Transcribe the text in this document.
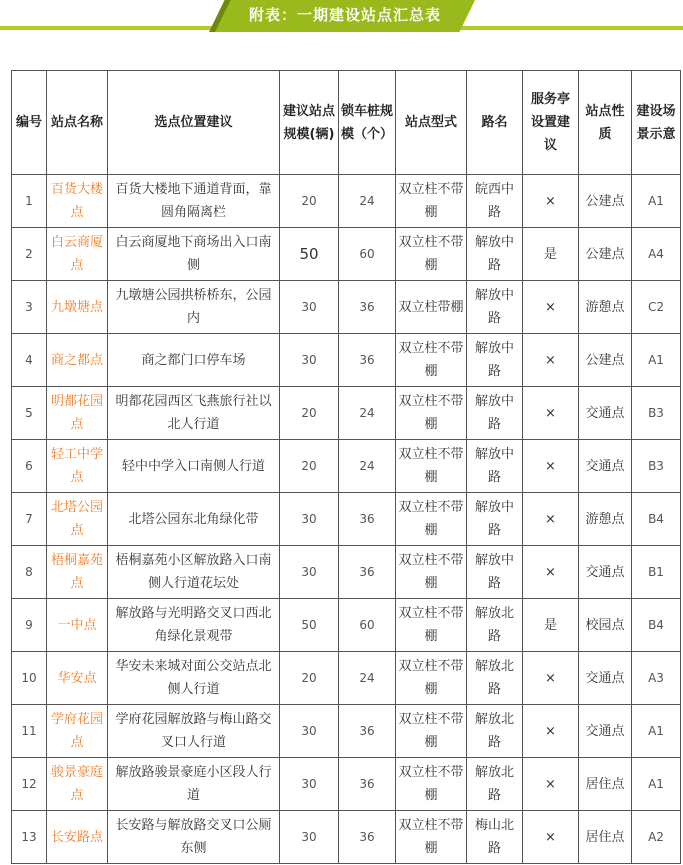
附表：一期建设站点汇总表
编号	站点名称	选点位置建议	建议站点规模(辆)	锁车桩规模（个）	站点型式	路名	服务亭设置建议	站点性质	建设场景示意
1	百货大楼点	百货大楼地下通道背面，靠圆角隔离栏	20	24	双立柱不带棚	皖西中路	×	公建点	A1
2	白云商厦点	白云商厦地下商场出入口南侧	50	60	双立柱不带棚	解放中路	是	公建点	A4
3	九墩塘点	九墩塘公园拱桥桥东，公园内	30	36	双立柱带棚	解放中路	×	游憩点	C2
4	商之都点	商之都门口停车场	30	36	双立柱不带棚	解放中路	×	公建点	A1
5	明都花园点	明都花园西区飞燕旅行社以北人行道	20	24	双立柱不带棚	解放中路	×	交通点	B3
6	轻工中学点	轻中中学入口南侧人行道	20	24	双立柱不带棚	解放中路	×	交通点	B3
7	北塔公园点	北塔公园东北角绿化带	30	36	双立柱不带棚	解放中路	×	游憩点	B4
8	梧桐嘉苑点	梧桐嘉苑小区解放路入口南侧人行道花坛处	30	36	双立柱不带棚	解放中路	×	交通点	B1
9	一中点	解放路与光明路交叉口西北角绿化景观带	50	60	双立柱不带棚	解放北路	是	校园点	B4
10	华安点	华安未来城对面公交站点北侧人行道	20	24	双立柱不带棚	解放北路	×	交通点	A3
11	学府花园点	学府花园解放路与梅山路交叉口人行道	30	36	双立柱不带棚	解放北路	×	交通点	A1
12	骏景豪庭点	解放路骏景豪庭小区段人行道	30	36	双立柱不带棚	解放北路	×	居住点	A1
13	长安路点	长安路与解放路交叉口公厕东侧	30	36	双立柱不带棚	梅山北路	×	居住点	A2
